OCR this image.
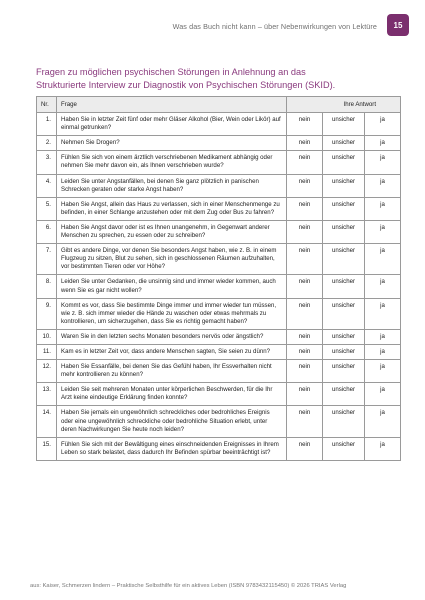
Was das Buch nicht kann – über Nebenwirkungen von Lektüre	15
Fragen zu möglichen psychischen Störungen in Anlehnung an das
Strukturierte Interview zur Diagnostik von Psychischen Störungen (SKID).
Nr.	Frage	Ihre Antwort		
1.	Haben Sie in letzter Zeit fünf oder mehr Gläser Alkohol (Bier, Wein oder Likör) auf einmal getrunken?	nein	unsicher	ja
2.	Nehmen Sie Drogen?	nein	unsicher	ja
3.	Fühlen Sie sich von einem ärztlich verschriebenen Medikament abhängig oder nehmen Sie mehr davon ein, als Ihnen verschrieben wurde?	nein	unsicher	ja
4.	Leiden Sie unter Angstanfällen, bei denen Sie ganz plötzlich in panischen Schrecken geraten oder starke Angst haben?	nein	unsicher	ja
5.	Haben Sie Angst, allein das Haus zu verlassen, sich in einer Menschenmenge zu befinden, in einer Schlange anzustehen oder mit dem Zug oder Bus zu fahren?	nein	unsicher	ja
6.	Haben Sie Angst davor oder ist es Ihnen unangenehm, in Gegenwart anderer Menschen zu sprechen, zu essen oder zu schreiben?	nein	unsicher	ja
7.	Gibt es andere Dinge, vor denen Sie besonders Angst haben, wie z. B. in einem Flugzeug zu sitzen, Blut zu sehen, sich in geschlossenen Räumen aufzuhalten, vor bestimmten Tieren oder vor Höhe?	nein	unsicher	ja
8.	Leiden Sie unter Gedanken, die unsinnig sind und immer wieder kommen, auch wenn Sie es gar nicht wollen?	nein	unsicher	ja
9.	Kommt es vor, dass Sie bestimmte Dinge immer und immer wieder tun müssen, wie z. B. sich immer wieder die Hände zu waschen oder etwas mehrmals zu kontrollieren, um sicherzugehen, dass Sie es richtig gemacht haben?	nein	unsicher	ja
10.	Waren Sie in den letzten sechs Monaten besonders nervös oder ängstlich?	nein	unsicher	ja
11.	Kam es in letzter Zeit vor, dass andere Menschen sagten, Sie seien zu dünn?	nein	unsicher	ja
12.	Haben Sie Essanfälle, bei denen Sie das Gefühl haben, Ihr Essverhalten nicht mehr kontrollieren zu können?	nein	unsicher	ja
13.	Leiden Sie seit mehreren Monaten unter körperlichen Beschwerden, für die Ihr Arzt keine eindeutige Erklärung finden konnte?	nein	unsicher	ja
14.	Haben Sie jemals ein ungewöhnlich schreckliches oder bedrohliches Ereignis oder eine ungewöhnlich schreckliche oder bedrohliche Situation erlebt, unter deren Nachwirkungen Sie heute noch leiden?	nein	unsicher	ja
15.	Fühlen Sie sich mit der Bewältigung eines einschneidenden Ereignisses in Ihrem Leben so stark belastet, dass dadurch Ihr Befinden spürbar beeinträchtigt ist?	nein	unsicher	ja
aus: Kaiser, Schmerzen lindern – Praktische Selbsthilfe für ein aktives Leben (ISBN 9783432115450) © 2026 TRIAS Verlag
